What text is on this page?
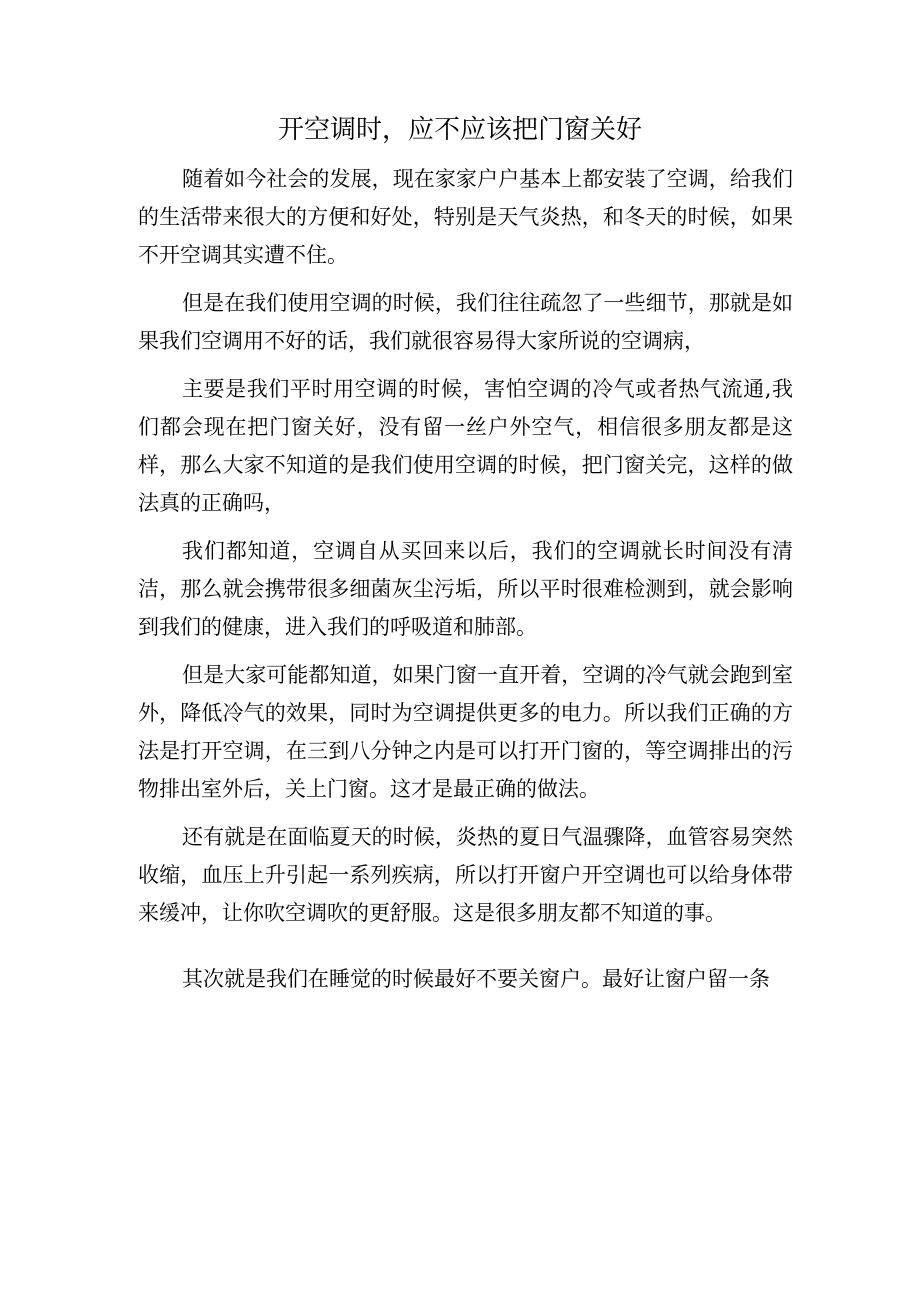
开空调时，应不应该把门窗关好

随着如今社会的发展，现在家家户户基本上都安装了空调，给我们的生活带来很大的方便和好处，特别是天气炎热，和冬天的时候，如果不开空调其实遭不住。

但是在我们使用空调的时候，我们往往疏忽了一些细节，那就是如果我们空调用不好的话，我们就很容易得大家所说的空调病，

主要是我们平时用空调的时候，害怕空调的冷气或者热气流通,我们都会现在把门窗关好，没有留一丝户外空气，相信很多朋友都是这样，那么大家不知道的是我们使用空调的时候，把门窗关完，这样的做法真的正确吗，

我们都知道，空调自从买回来以后，我们的空调就长时间没有清洁，那么就会携带很多细菌灰尘污垢，所以平时很难检测到，就会影响到我们的健康，进入我们的呼吸道和肺部。

但是大家可能都知道，如果门窗一直开着，空调的冷气就会跑到室外，降低冷气的效果，同时为空调提供更多的电力。所以我们正确的方法是打开空调，在三到八分钟之内是可以打开门窗的，等空调排出的污物排出室外后，关上门窗。这才是最正确的做法。

还有就是在面临夏天的时候，炎热的夏日气温骤降，血管容易突然收缩，血压上升引起一系列疾病，所以打开窗户开空调也可以给身体带来缓冲，让你吹空调吹的更舒服。这是很多朋友都不知道的事。

其次就是我们在睡觉的时候最好不要关窗户。最好让窗户留一条
